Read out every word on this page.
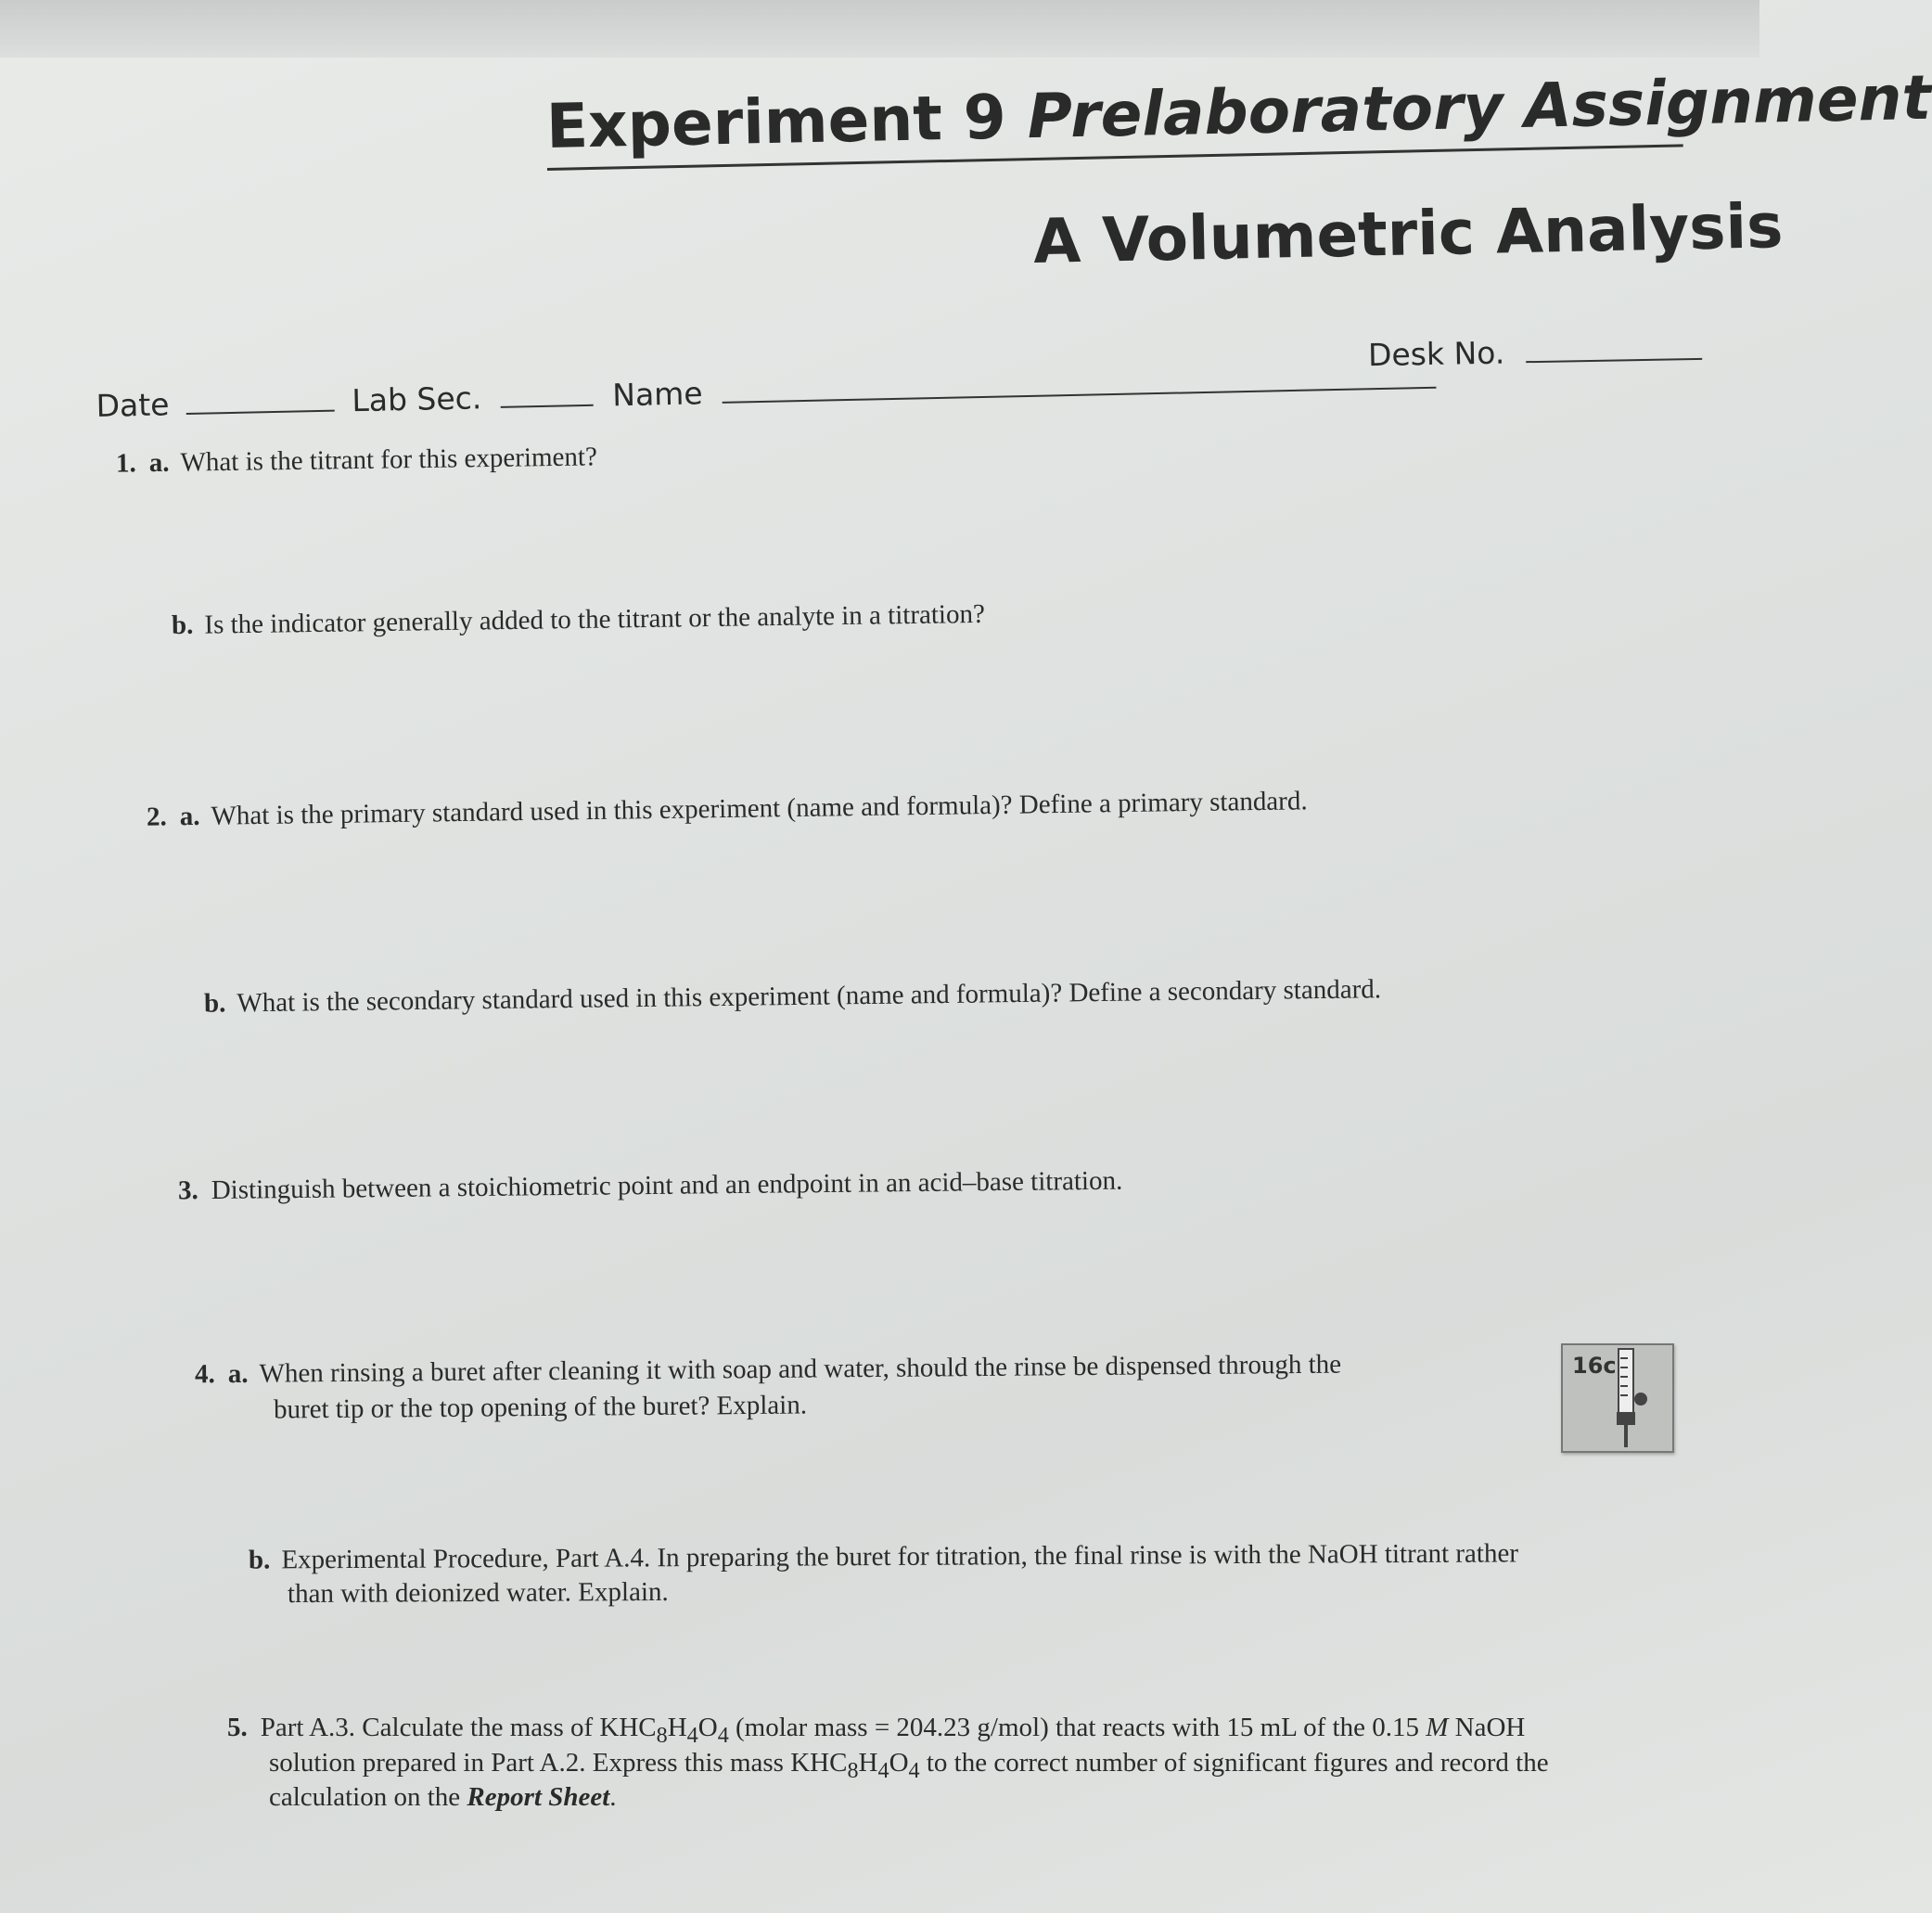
Experiment 9 Prelaboratory Assignment
A Volumetric Analysis
Desk No.
Date	Lab Sec.	Name
1. a. What is the titrant for this experiment?
b. Is the indicator generally added to the titrant or the analyte in a titration?
2. a. What is the primary standard used in this experiment (name and formula)? Define a primary standard.
b. What is the secondary standard used in this experiment (name and formula)? Define a secondary standard.
3. Distinguish between a stoichiometric point and an endpoint in an acid–base titration.
4. a. When rinsing a buret after cleaning it with soap and water, should the rinse be dispensed through the
buret tip or the top opening of the buret? Explain.
16c
b. Experimental Procedure, Part A.4. In preparing the buret for titration, the final rinse is with the NaOH titrant rather
than with deionized water. Explain.
5. Part A.3. Calculate the mass of $KHC_8H_4O_4$ (molar mass = 204.23 g/mol) that reacts with 15 mL of the 0.15 M NaOH
solution prepared in Part A.2. Express this mass $KHC_8H_4O_4$ to the correct number of significant figures and record the
calculation on the Report Sheet.
